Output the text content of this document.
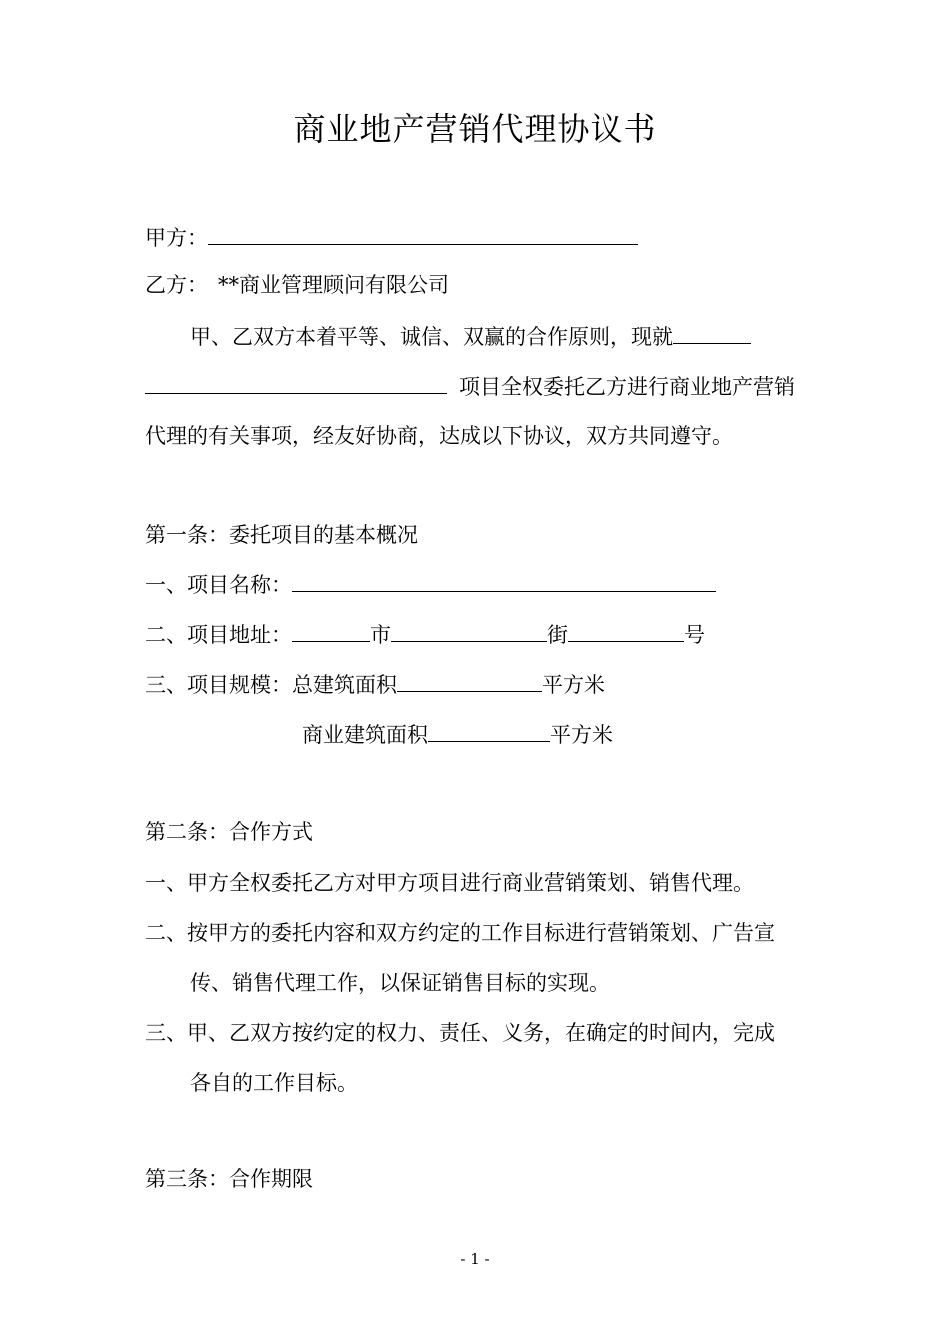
商业地产营销代理协议书
甲方：
乙方： **商业管理顾问有限公司
甲、乙双方本着平等、诚信、双赢的合作原则，现就
项目全权委托乙方进行商业地产营销
代理的有关事项，经友好协商，达成以下协议，双方共同遵守。
第一条：委托项目的基本概况
一、项目名称：
二、项目地址：	市	街	号
三、项目规模：总建筑面积	平方米
商业建筑面积	平方米
第二条：合作方式
一、甲方全权委托乙方对甲方项目进行商业营销策划、销售代理。
二、按甲方的委托内容和双方约定的工作目标进行营销策划、广告宣
传、销售代理工作，以保证销售目标的实现。
三、甲、乙双方按约定的权力、责任、义务，在确定的时间内，完成
各自的工作目标。
第三条：合作期限
- 1 -
